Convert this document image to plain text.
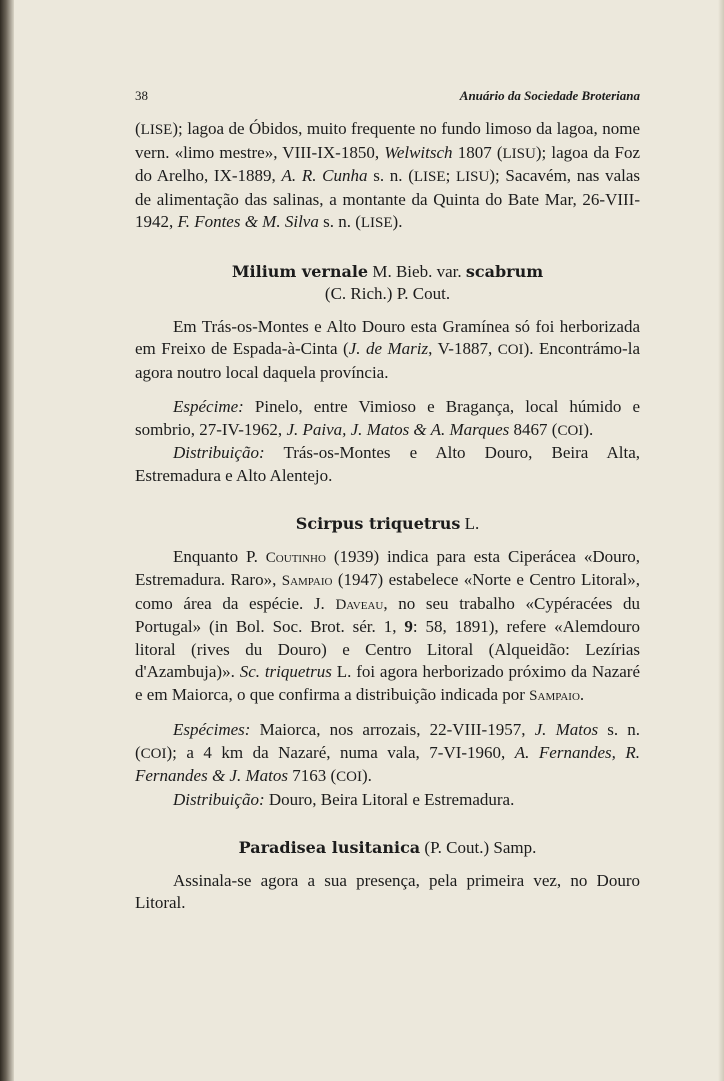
38	Anuário da Sociedade Broteriana

(LISE); lagoa de Óbidos, muito frequente no fundo limoso da lagoa, nome vern. «limo mestre», VIII-IX-1850, Welwitsch 1807 (LISU); lagoa da Foz do Arelho, IX-1889, A. R. Cunha s. n. (LISE; LISU); Sacavém, nas valas de alimentação das salinas, a montante da Quinta do Bate Mar, 26-VIII-1942, F. Fontes & M. Silva s. n. (LISE).

Milium vernale M. Bieb. var. scabrum
(C. Rich.) P. Cout.

Em Trás-os-Montes e Alto Douro esta Gramínea só foi herborizada em Freixo de Espada-à-Cinta (J. de Mariz, V-1887, COI). Encontrámo-la agora noutro local daquela província.

Espécime: Pinelo, entre Vimioso e Bragança, local húmido e sombrio, 27-IV-1962, J. Paiva, J. Matos & A. Marques 8467 (COI).

Distribuição: Trás-os-Montes e Alto Douro, Beira Alta, Estremadura e Alto Alentejo.

Scirpus triquetrus L.

Enquanto P. Coutinho (1939) indica para esta Ciperácea «Douro, Estremadura. Raro», Sampaio (1947) estabelece «Norte e Centro Litoral», como área da espécie. J. Daveau, no seu trabalho «Cypéracées du Portugal» (in Bol. Soc. Brot. sér. 1, 9: 58, 1891), refere «Alemdouro litoral (rives du Douro) e Centro Litoral (Alqueidão: Lezírias d'Azambuja)». Sc. triquetrus L. foi agora herborizado próximo da Nazaré e em Maiorca, o que confirma a distribuição indicada por Sampaio.

Espécimes: Maiorca, nos arrozais, 22-VIII-1957, J. Matos s. n. (COI); a 4 km da Nazaré, numa vala, 7-VI-1960, A. Fernandes, R. Fernandes & J. Matos 7163 (COI).

Distribuição: Douro, Beira Litoral e Estremadura.

Paradisea lusitanica (P. Cout.) Samp.

Assinala-se agora a sua presença, pela primeira vez, no Douro Litoral.
